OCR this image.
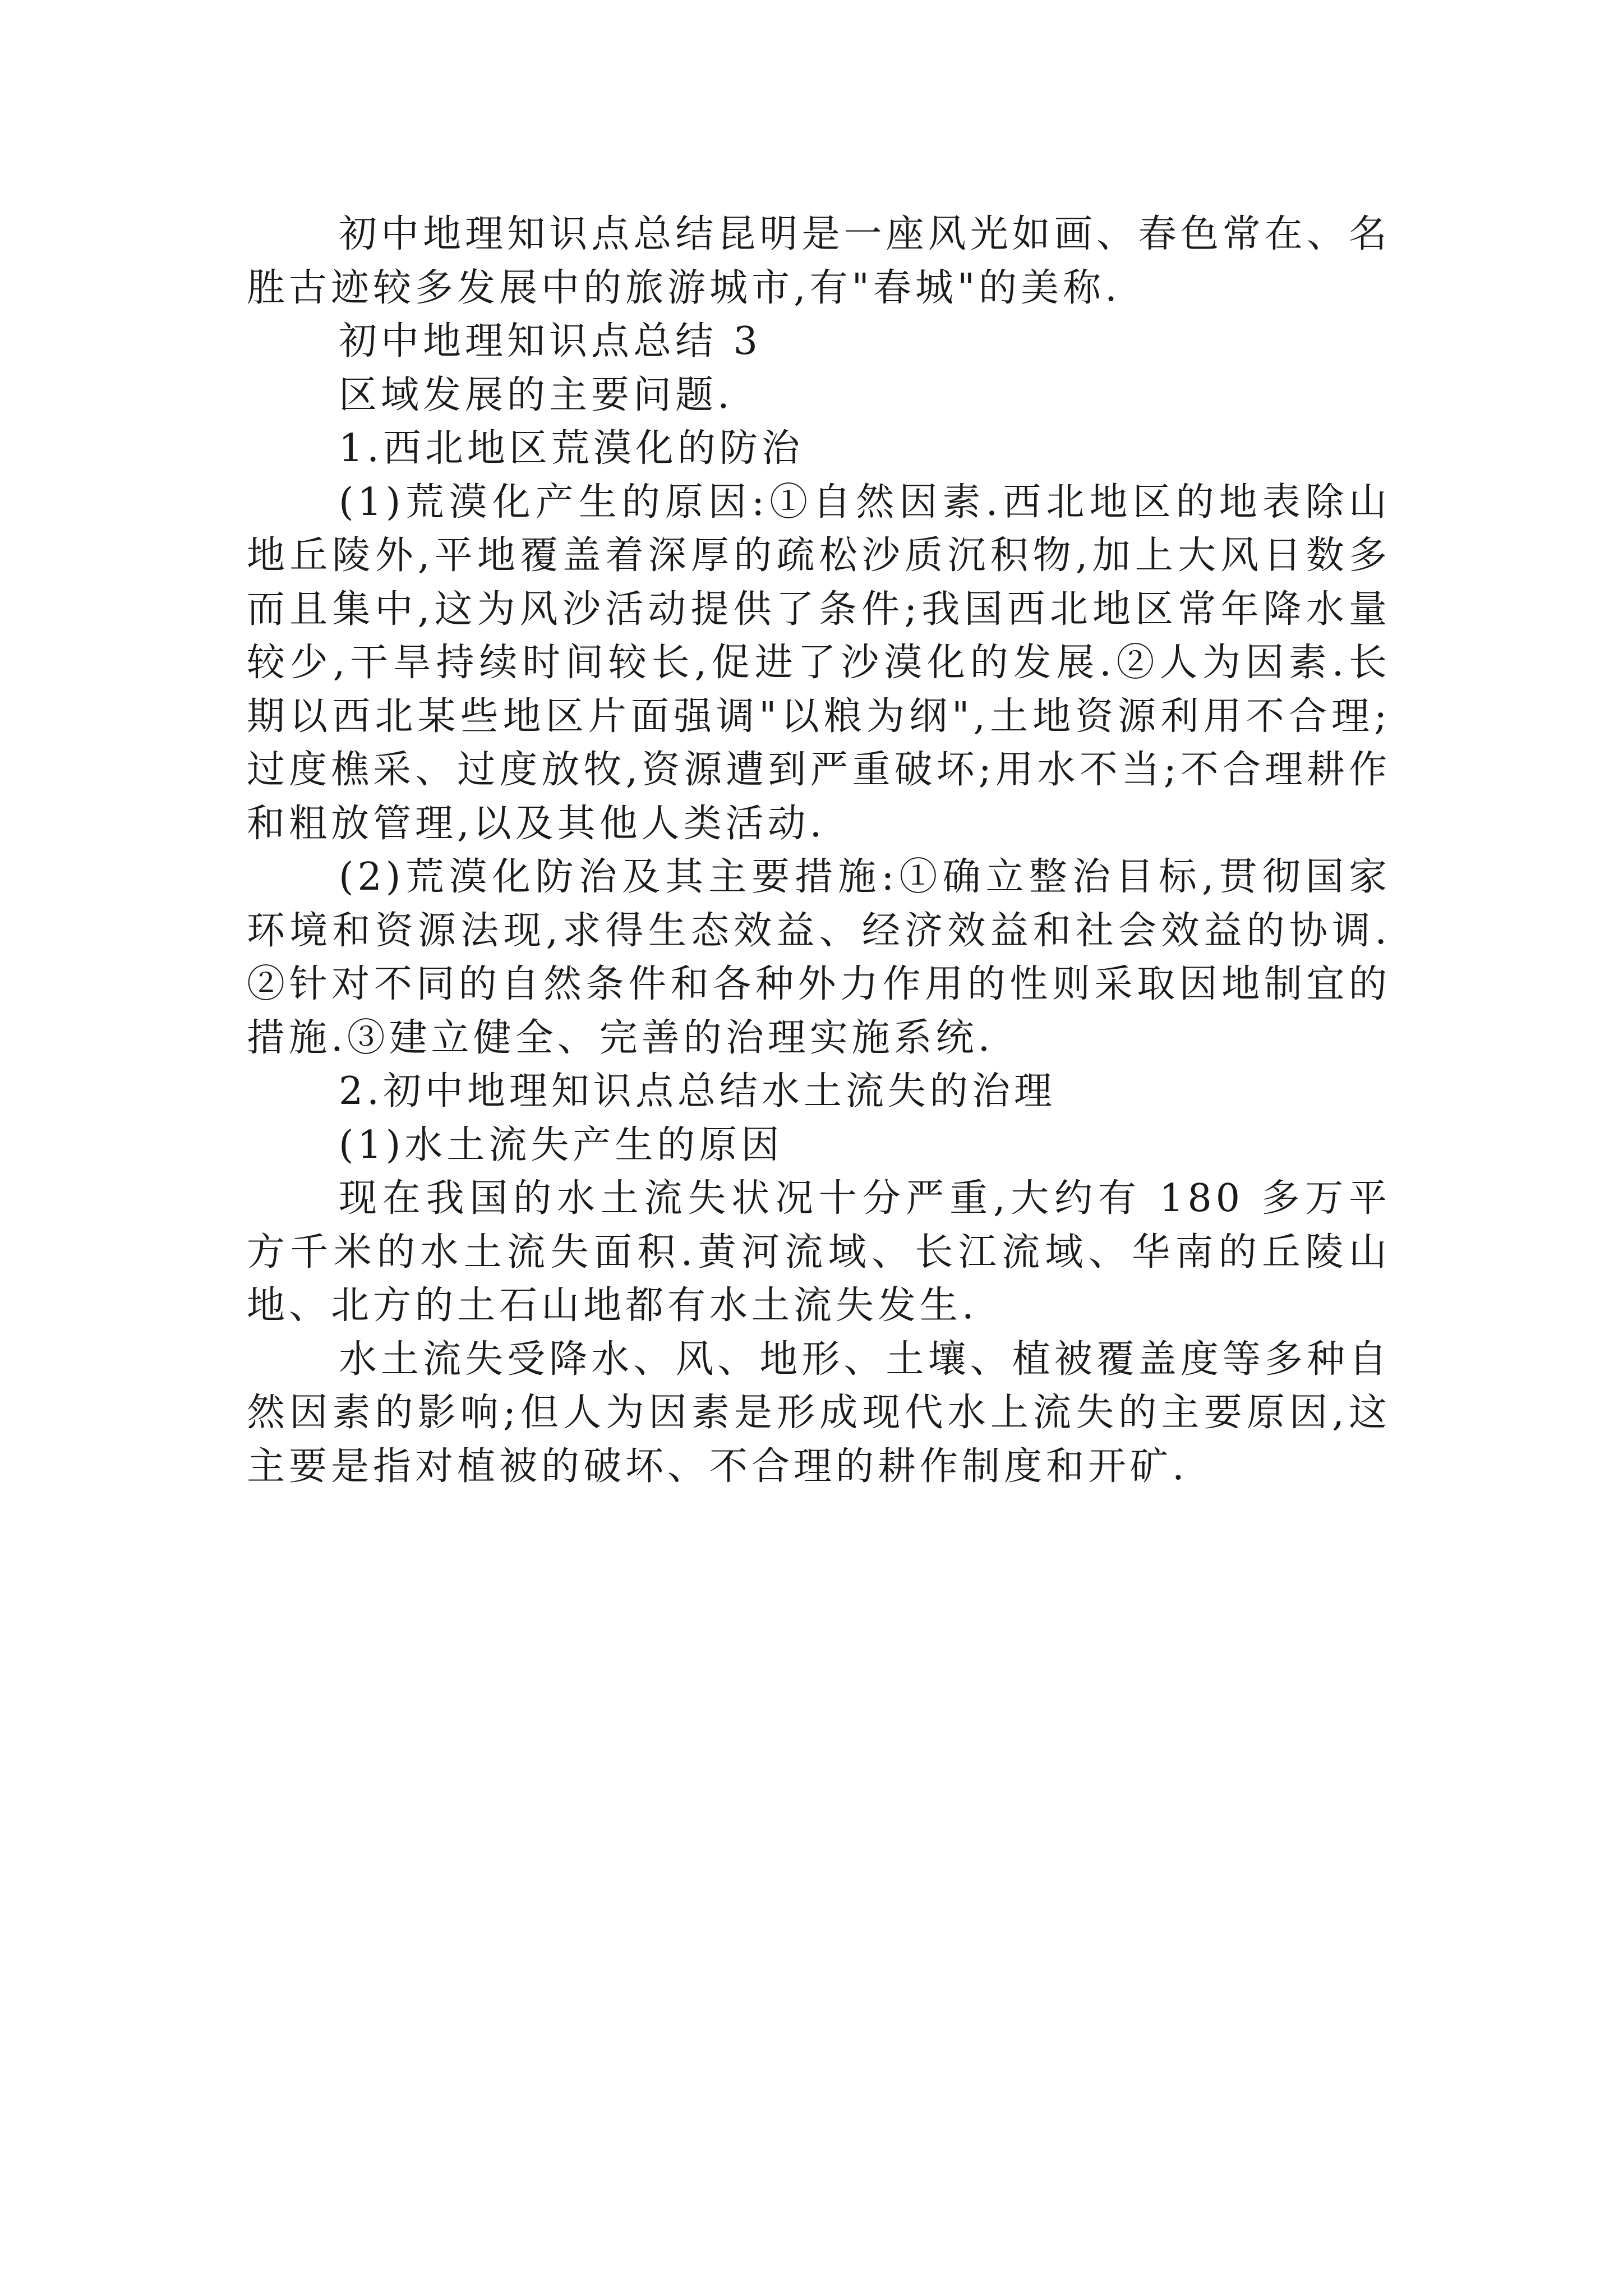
初中地理知识点总结昆明是一座风光如画、春色常在、名胜古迹较多发展中的旅游城市,有"春城"的美称.

初中地理知识点总结 3

区域发展的主要问题.

1.西北地区荒漠化的防治

(1)荒漠化产生的原因:①自然因素.西北地区的地表除山地丘陵外,平地覆盖着深厚的疏松沙质沉积物,加上大风日数多而且集中,这为风沙活动提供了条件;我国西北地区常年降水量较少,干旱持续时间较长,促进了沙漠化的发展.②人为因素.长期以西北某些地区片面强调"以粮为纲",土地资源利用不合理;过度樵采、过度放牧,资源遭到严重破坏;用水不当;不合理耕作和粗放管理,以及其他人类活动.

(2)荒漠化防治及其主要措施:①确立整治目标,贯彻国家环境和资源法现,求得生态效益、经济效益和社会效益的协调.②针对不同的自然条件和各种外力作用的性则采取因地制宜的措施.③建立健全、完善的治理实施系统.

2.初中地理知识点总结水土流失的治理

(1)水土流失产生的原因

现在我国的水土流失状况十分严重,大约有 180 多万平方千米的水土流失面积.黄河流域、长江流域、华南的丘陵山地、北方的土石山地都有水土流失发生.

水土流失受降水、风、地形、土壤、植被覆盖度等多种自然因素的影响;但人为因素是形成现代水上流失的主要原因,这主要是指对植被的破坏、不合理的耕作制度和开矿.
